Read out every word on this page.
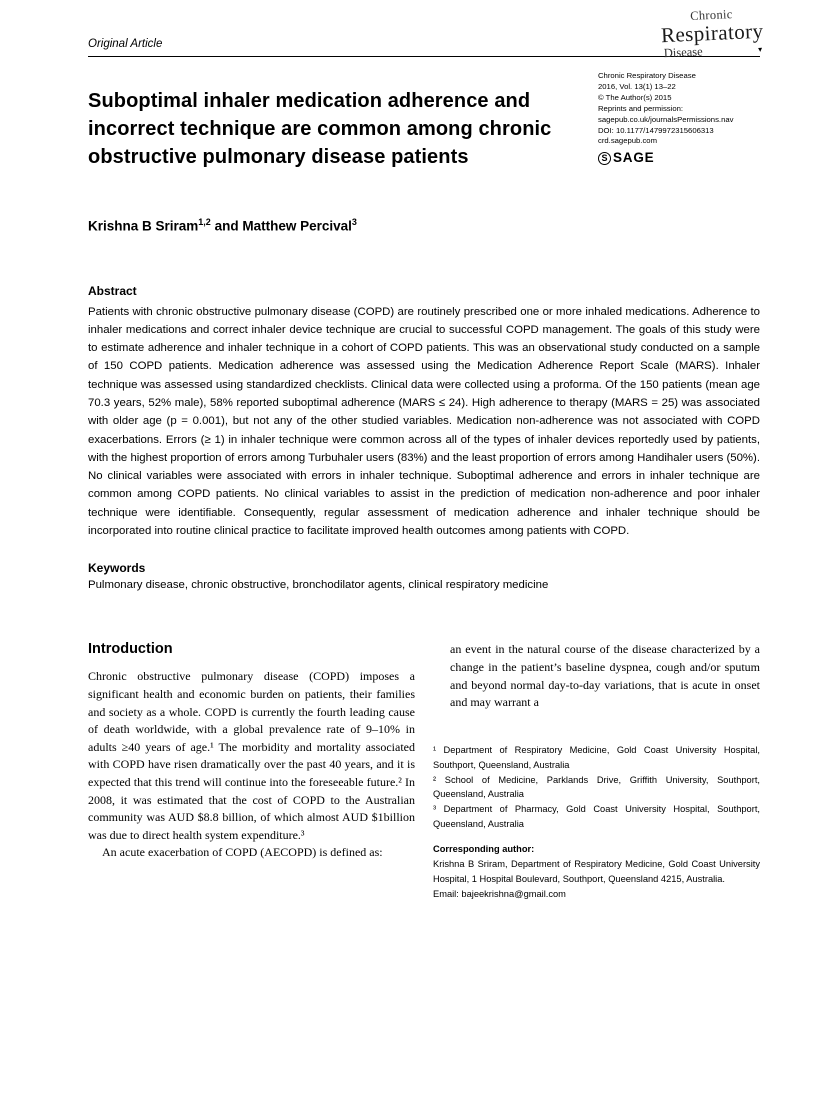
Original Article
Chronic
Respiratory
Disease	▾
Suboptimal inhaler medication adherence and incorrect technique are common among chronic obstructive pulmonary disease patients
Chronic Respiratory Disease
2016, Vol. 13(1) 13–22
© The Author(s) 2015
Reprints and permission:
sagepub.co.uk/journalsPermissions.nav
DOI: 10.1177/1479972315606313
crd.sagepub.com
S SAGE
Krishna B Sriram$^{1,2}$ and Matthew Percival$^3$
Abstract

Patients with chronic obstructive pulmonary disease (COPD) are routinely prescribed one or more inhaled medications. Adherence to inhaler medications and correct inhaler device technique are crucial to successful COPD management. The goals of this study were to estimate adherence and inhaler technique in a cohort of COPD patients. This was an observational study conducted on a sample of 150 COPD patients. Medication adherence was assessed using the Medication Adherence Report Scale (MARS). Inhaler technique was assessed using standardized checklists. Clinical data were collected using a proforma. Of the 150 patients (mean age 70.3 years, 52% male), 58% reported suboptimal adherence (MARS ≤ 24). High adherence to therapy (MARS = 25) was associated with older age (p = 0.001), but not any of the other studied variables. Medication non-adherence was not associated with COPD exacerbations. Errors (≥ 1) in inhaler technique were common across all of the types of inhaler devices reportedly used by patients, with the highest proportion of errors among Turbuhaler users (83%) and the least proportion of errors among Handihaler users (50%). No clinical variables were associated with errors in inhaler technique. Suboptimal adherence and errors in inhaler technique are common among COPD patients. No clinical variables to assist in the prediction of medication non-adherence and poor inhaler technique were identifiable. Consequently, regular assessment of medication adherence and inhaler technique should be incorporated into routine clinical practice to facilitate improved health outcomes among patients with COPD.

Keywords

Pulmonary disease, chronic obstructive, bronchodilator agents, clinical respiratory medicine

Introduction

Chronic obstructive pulmonary disease (COPD) imposes a significant health and economic burden on patients, their families and society as a whole. COPD is currently the fourth leading cause of death worldwide, with a global prevalence rate of 9–10% in adults ≥40 years of age.¹ The morbidity and mortality associated with COPD have risen dramatically over the past 40 years, and it is expected that this trend will continue into the foreseeable future.² In 2008, it was estimated that the cost of COPD to the Australian community was AUD $8.8 billion, of which almost AUD $1billion was due to direct health system expenditure.³

An acute exacerbation of COPD (AECOPD) is defined as:

an event in the natural course of the disease characterized by a change in the patient’s baseline dyspnea, cough and/or sputum and beyond normal day-to-day variations, that is acute in onset and may warrant a

¹ Department of Respiratory Medicine, Gold Coast University Hospital, Southport, Queensland, Australia

² School of Medicine, Parklands Drive, Griffith University, Southport, Queensland, Australia

³ Department of Pharmacy, Gold Coast University Hospital, Southport, Queensland, Australia

Corresponding author:

Krishna B Sriram, Department of Respiratory Medicine, Gold Coast University Hospital, 1 Hospital Boulevard, Southport, Queensland 4215, Australia.

Email: bajeekrishna@gmail.com
